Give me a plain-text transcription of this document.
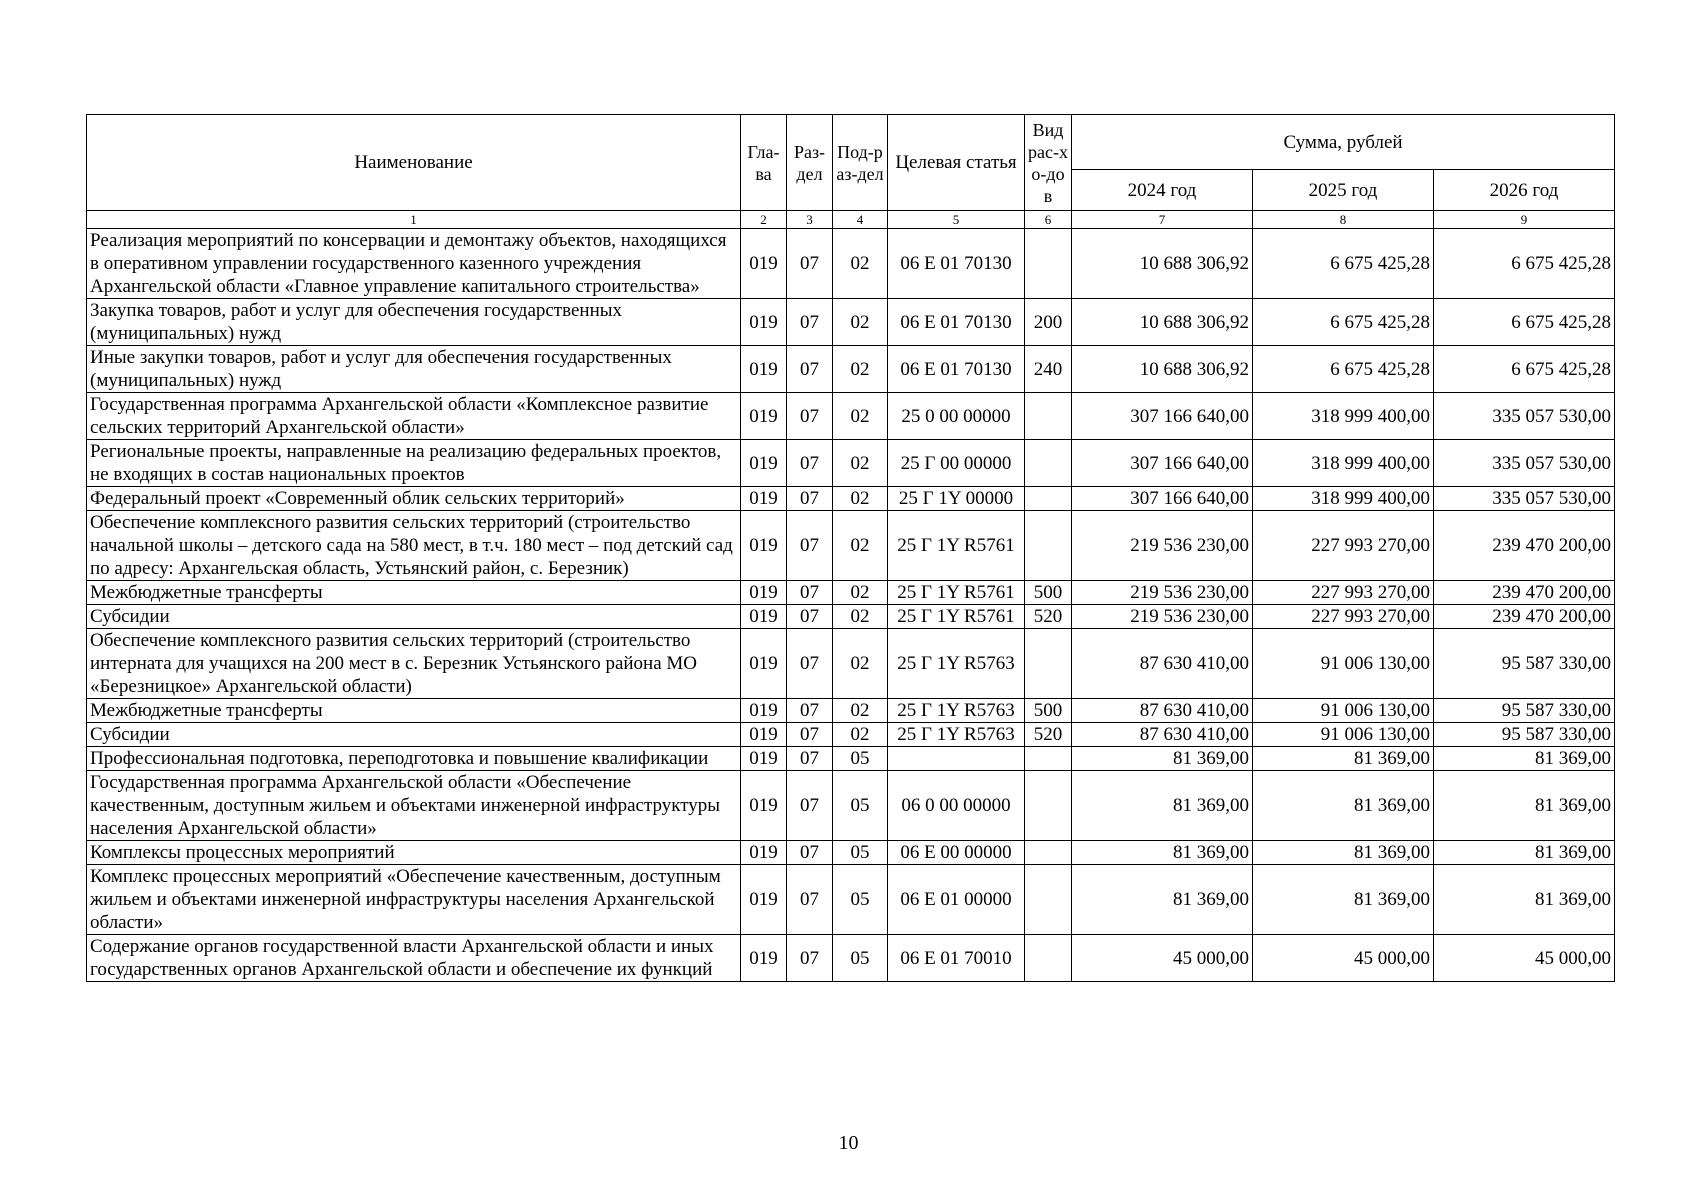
Наименование	Гла-ва	Раз-дел	Под-раз-дел	Целевая статья	Вид рас-хо-дов	Сумма, рублей		
						2024 год	2025 год	2026 год
1	2	3	4	5	6	7	8	9
Реализация мероприятий по консервации и демонтажу объектов, находящихся в оперативном управлении государственного казенного учреждения Архангельской области «Главное управление капитального строительства»	019	07	02	06 Е 01 70130		10 688 306,92	6 675 425,28	6 675 425,28
Закупка товаров, работ и услуг для обеспечения государственных (муниципальных) нужд	019	07	02	06 Е 01 70130	200	10 688 306,92	6 675 425,28	6 675 425,28
Иные закупки товаров, работ и услуг для обеспечения государственных (муниципальных) нужд	019	07	02	06 Е 01 70130	240	10 688 306,92	6 675 425,28	6 675 425,28
Государственная программа Архангельской области «Комплексное развитие сельских территорий Архангельской области»	019	07	02	25 0 00 00000		307 166 640,00	318 999 400,00	335 057 530,00
Региональные проекты, направленные на реализацию федеральных проектов, не входящих в состав национальных проектов	019	07	02	25 Г 00 00000		307 166 640,00	318 999 400,00	335 057 530,00
Федеральный проект «Современный облик сельских территорий»	019	07	02	25 Г 1Y 00000		307 166 640,00	318 999 400,00	335 057 530,00
Обеспечение комплексного развития сельских территорий (строительство начальной школы – детского сада на 580 мест, в т.ч. 180 мест – под детский сад по адресу: Архангельская область, Устьянский район, с. Березник)	019	07	02	25 Г 1Y R5761		219 536 230,00	227 993 270,00	239 470 200,00
Межбюджетные трансферты	019	07	02	25 Г 1Y R5761	500	219 536 230,00	227 993 270,00	239 470 200,00
Субсидии	019	07	02	25 Г 1Y R5761	520	219 536 230,00	227 993 270,00	239 470 200,00
Обеспечение комплексного развития сельских территорий (строительство интерната для учащихся на 200 мест в с. Березник Устьянского района МО «Березницкое» Архангельской области)	019	07	02	25 Г 1Y R5763		87 630 410,00	91 006 130,00	95 587 330,00
Межбюджетные трансферты	019	07	02	25 Г 1Y R5763	500	87 630 410,00	91 006 130,00	95 587 330,00
Субсидии	019	07	02	25 Г 1Y R5763	520	87 630 410,00	91 006 130,00	95 587 330,00
Профессиональная подготовка, переподготовка и повышение квалификации	019	07	05			81 369,00	81 369,00	81 369,00
Государственная программа Архангельской области «Обеспечение качественным, доступным жильем и объектами инженерной инфраструктуры населения Архангельской области»	019	07	05	06 0 00 00000		81 369,00	81 369,00	81 369,00
Комплексы процессных мероприятий	019	07	05	06 Е 00 00000		81 369,00	81 369,00	81 369,00
Комплекс процессных мероприятий «Обеспечение качественным, доступным жильем и объектами инженерной инфраструктуры населения Архангельской области»	019	07	05	06 Е 01 00000		81 369,00	81 369,00	81 369,00
Содержание органов государственной власти Архангельской области и иных государственных органов Архангельской области и обеспечение их функций	019	07	05	06 Е 01 70010		45 000,00	45 000,00	45 000,00
10
